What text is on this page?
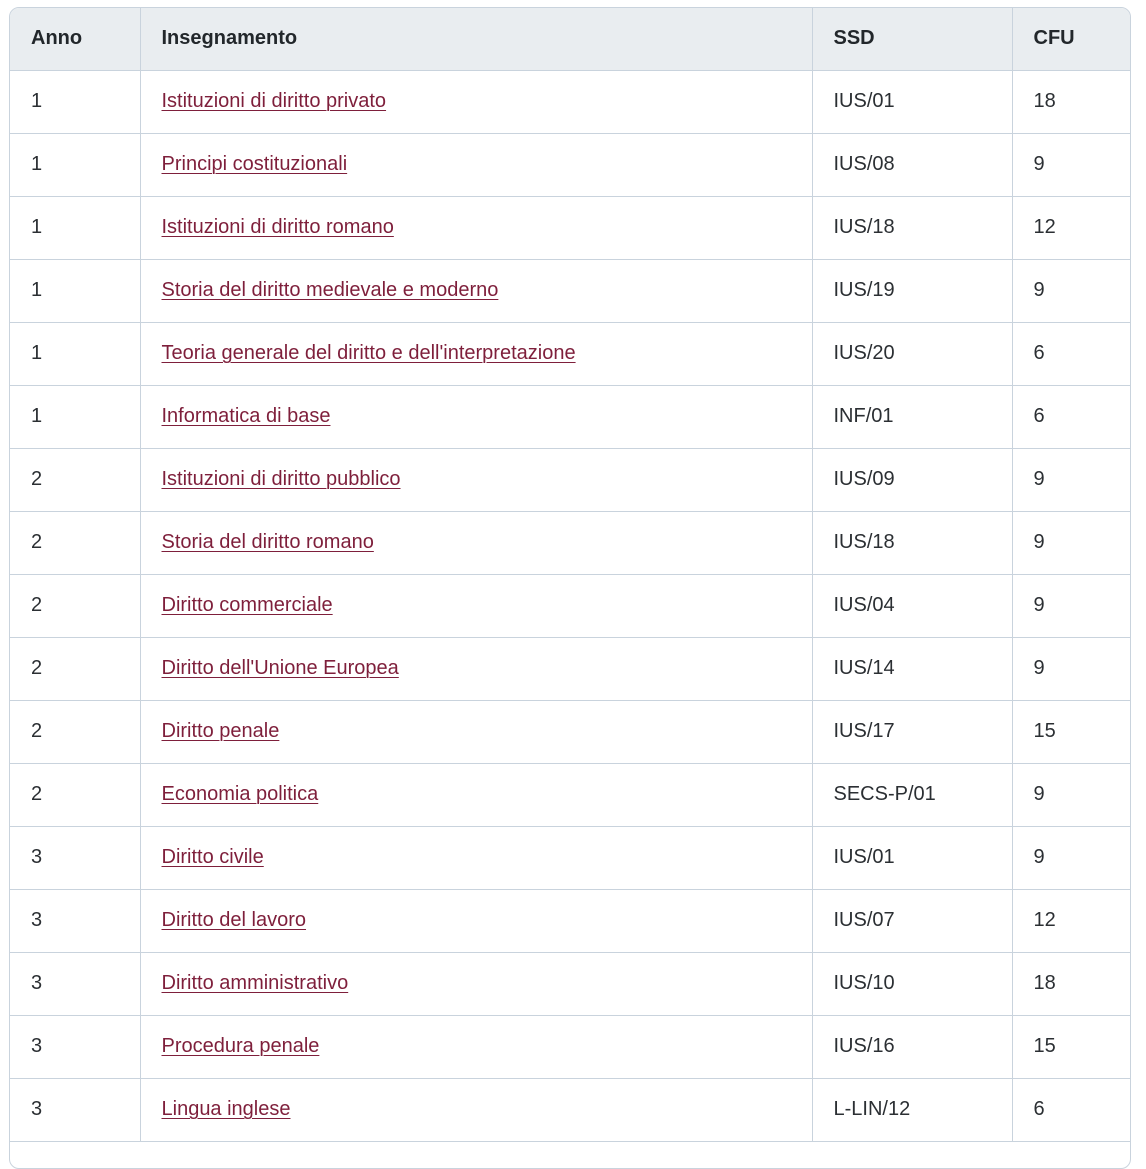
Anno	Insegnamento	SSD	CFU
1	Istituzioni di diritto privato	IUS/01	18
1	Principi costituzionali	IUS/08	9
1	Istituzioni di diritto romano	IUS/18	12
1	Storia del diritto medievale e moderno	IUS/19	9
1	Teoria generale del diritto e dell'interpretazione	IUS/20	6
1	Informatica di base	INF/01	6
2	Istituzioni di diritto pubblico	IUS/09	9
2	Storia del diritto romano	IUS/18	9
2	Diritto commerciale	IUS/04	9
2	Diritto dell'Unione Europea	IUS/14	9
2	Diritto penale	IUS/17	15
2	Economia politica	SECS-P/01	9
3	Diritto civile	IUS/01	9
3	Diritto del lavoro	IUS/07	12
3	Diritto amministrativo	IUS/10	18
3	Procedura penale	IUS/16	15
3	Lingua inglese	L-LIN/12	6
